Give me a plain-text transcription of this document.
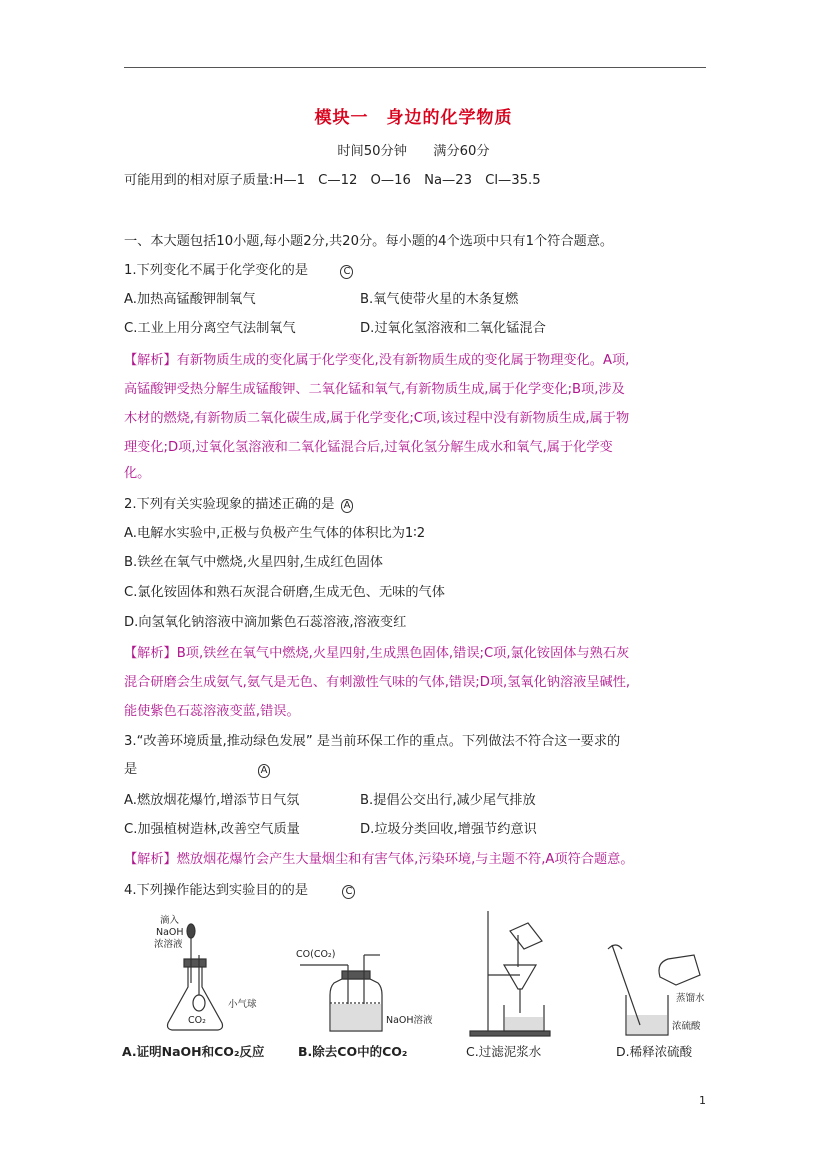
模块一　身边的化学物质
时间50分钟　　满分60分
可能用到的相对原子质量:H—1　C—12　O—16　Na—23　Cl—35.5
一、本大题包括10小题,每小题2分,共20分。每小题的4个选项中只有1个符合题意。
1.下列变化不属于化学变化的是	C
A.加热高锰酸钾制氧气	B.氧气使带火星的木条复燃
C.工业上用分离空气法制氧气	D.过氧化氢溶液和二氧化锰混合
【解析】有新物质生成的变化属于化学变化,没有新物质生成的变化属于物理变化。A项,
高锰酸钾受热分解生成锰酸钾、二氧化锰和氧气,有新物质生成,属于化学变化;B项,涉及
木材的燃烧,有新物质二氧化碳生成,属于化学变化;C项,该过程中没有新物质生成,属于物
理变化;D项,过氧化氢溶液和二氧化锰混合后,过氧化氢分解生成水和氧气,属于化学变
化。
2.下列有关实验现象的描述正确的是 A
A.电解水实验中,正极与负极产生气体的体积比为1∶2
B.铁丝在氧气中燃烧,火星四射,生成红色固体
C.氯化铵固体和熟石灰混合研磨,生成无色、无味的气体
D.向氢氧化钠溶液中滴加紫色石蕊溶液,溶液变红
【解析】B项,铁丝在氧气中燃烧,火星四射,生成黑色固体,错误;C项,氯化铵固体与熟石灰
混合研磨会生成氨气,氨气是无色、有刺激性气味的气体,错误;D项,氢氧化钠溶液呈碱性,
能使紫色石蕊溶液变蓝,错误。
3.“改善环境质量,推动绿色发展” 是当前环保工作的重点。下列做法不符合这一要求的
是	A
A.燃放烟花爆竹,增添节日气氛	B.提倡公交出行,减少尾气排放
C.加强植树造林,改善空气质量	D.垃圾分类回收,增强节约意识
【解析】燃放烟花爆竹会产生大量烟尘和有害气体,污染环境,与主题不符,A项符合题意。
4.下列操作能达到实验目的的是	C
滴入
NaOH
浓溶液
小气球
CO₂
CO(CO₂)
NaOH溶液
蒸馏水
浓硫酸
A.证明NaOH和CO₂反应	B.除去CO中的CO₂	C.过滤泥浆水	D.稀释浓硫酸
1
